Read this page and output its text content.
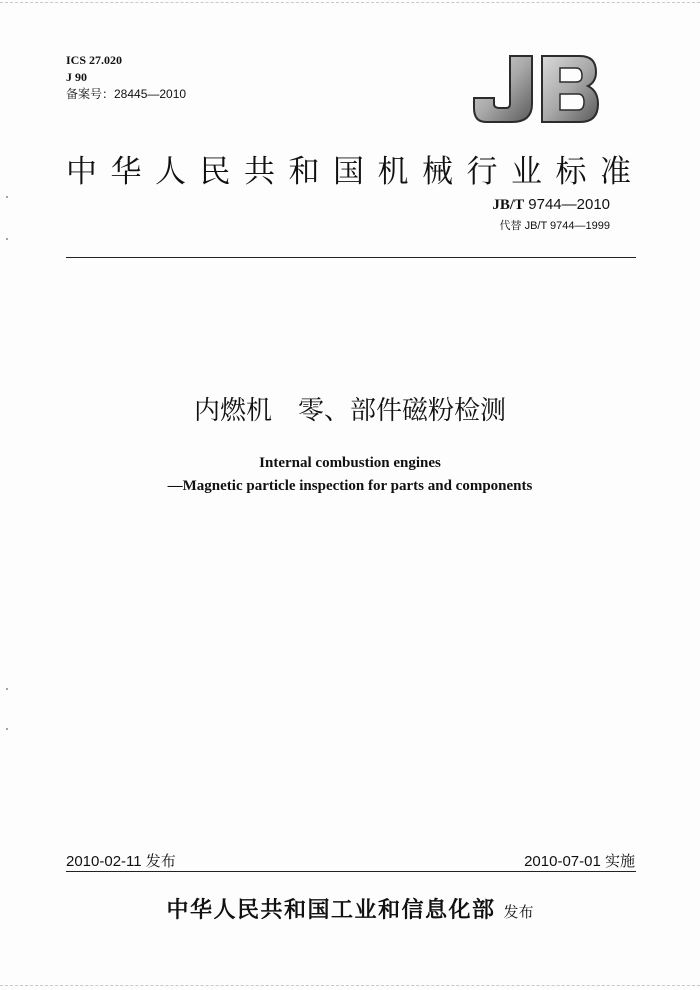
ICS 27.020
J 90
备案号：28445—2010
中华人民共和国机械行业标准
JB/T 9744—2010
代替 JB/T 9744—1999
内燃机　零、部件磁粉检测
Internal combustion engines
—Magnetic particle inspection for parts and components
2010-02-11 发布	2010-07-01 实施
中华人民共和国工业和信息化部 发布
